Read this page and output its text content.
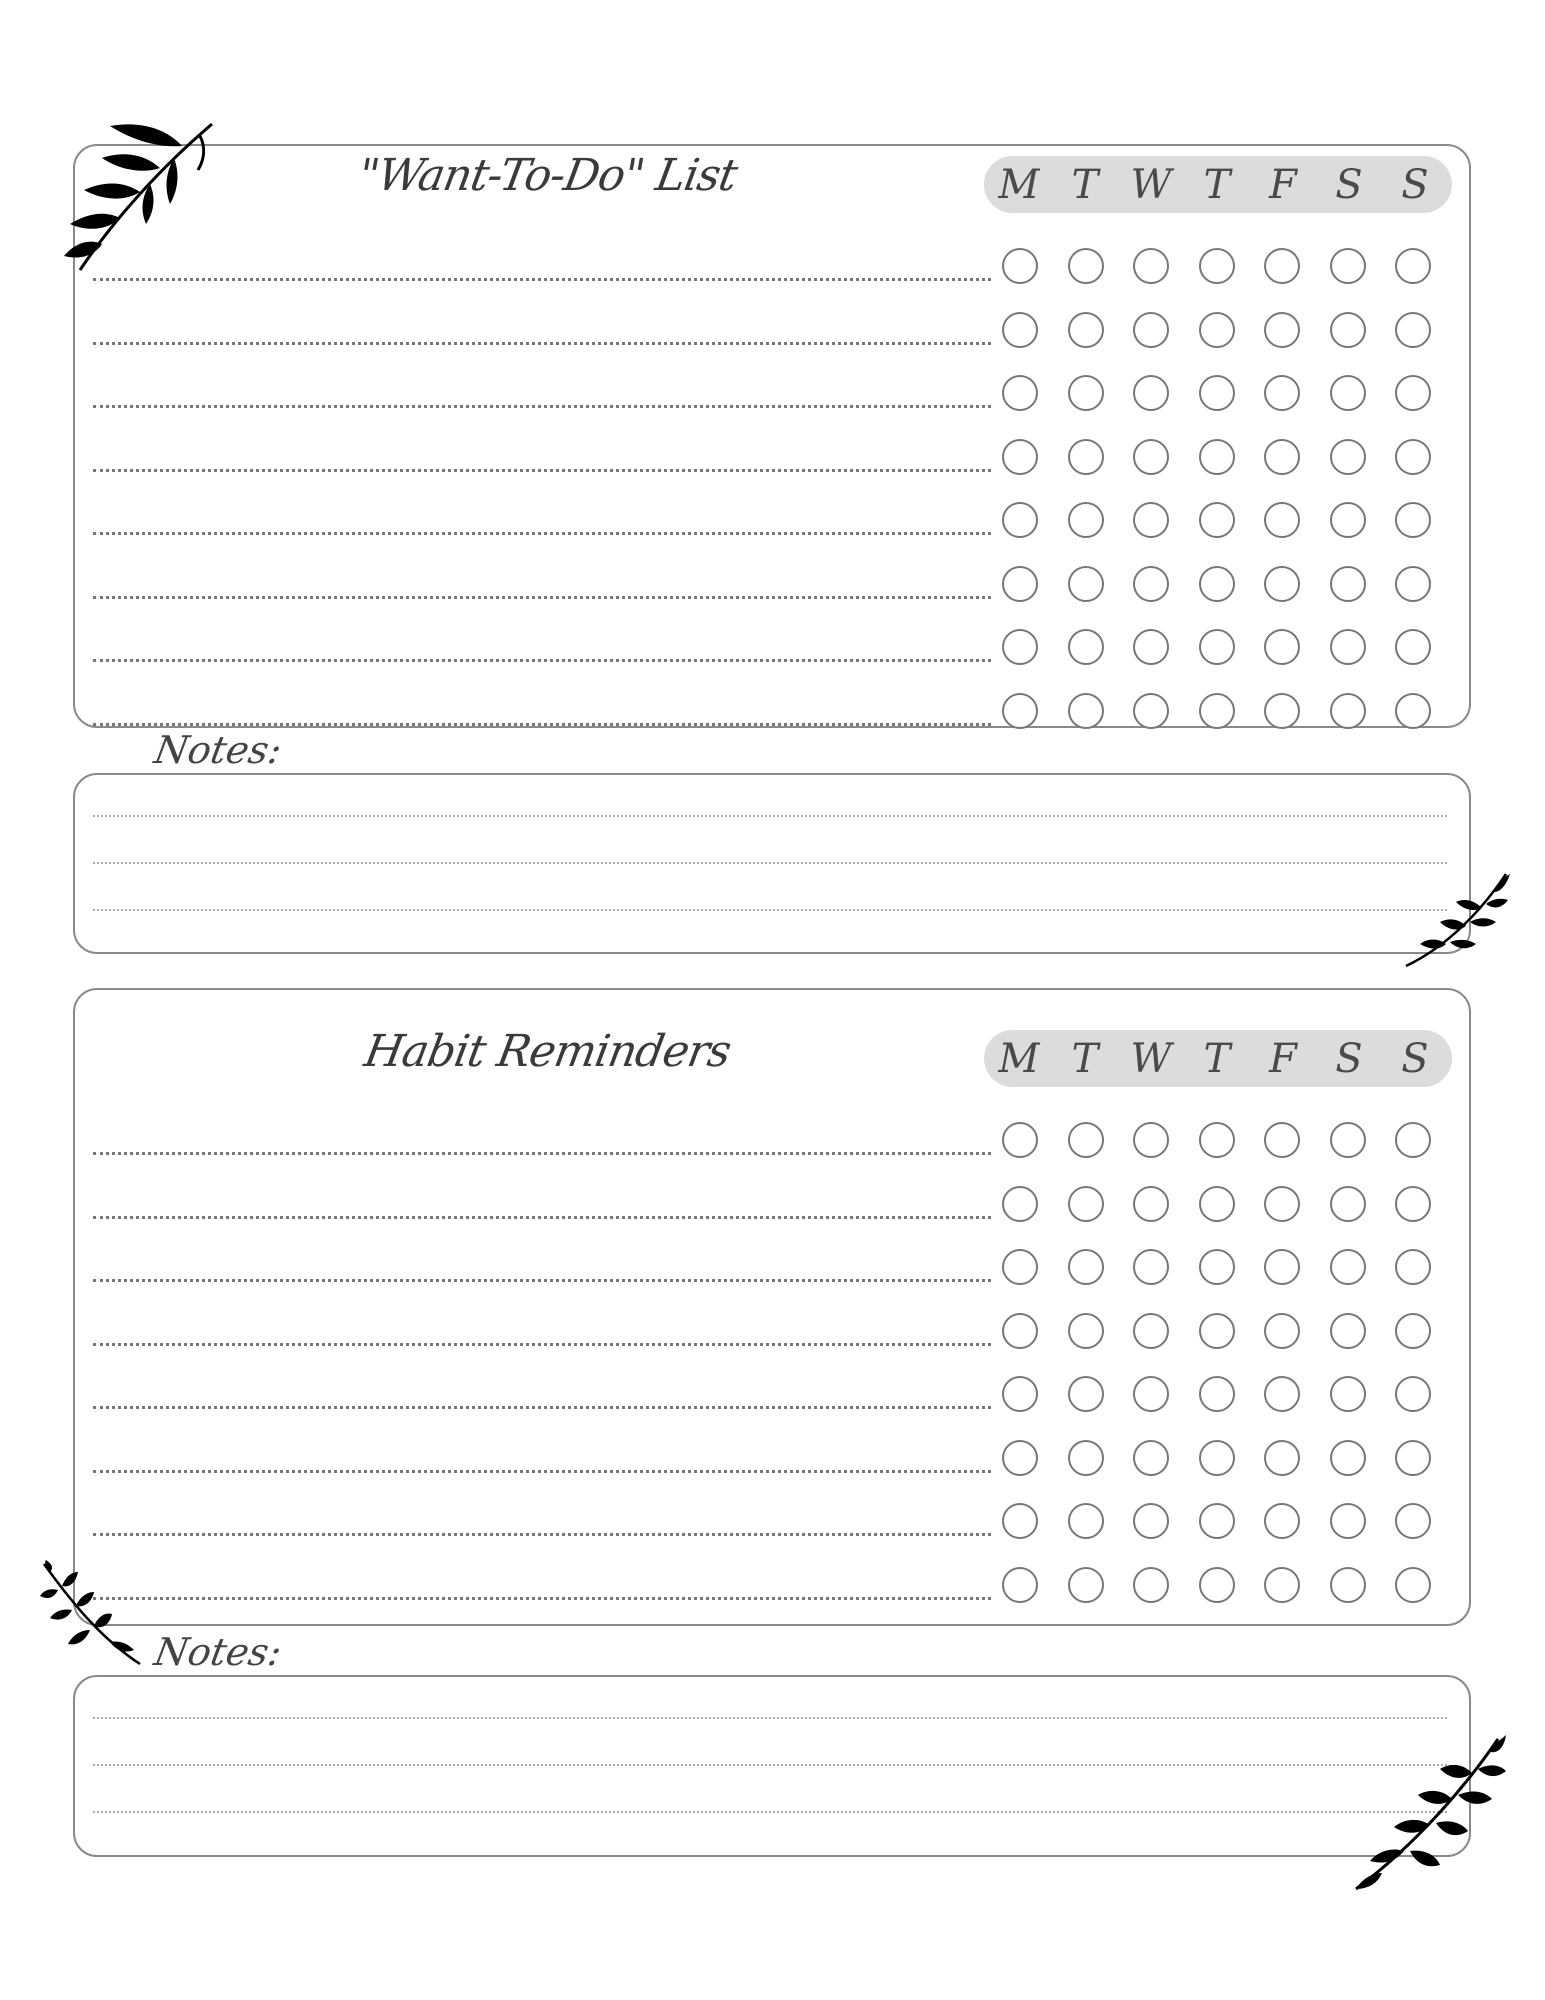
"Want-To-Do" List	M T W T F S S
Notes:
Habit Reminders	M T W T F S S
Notes:
